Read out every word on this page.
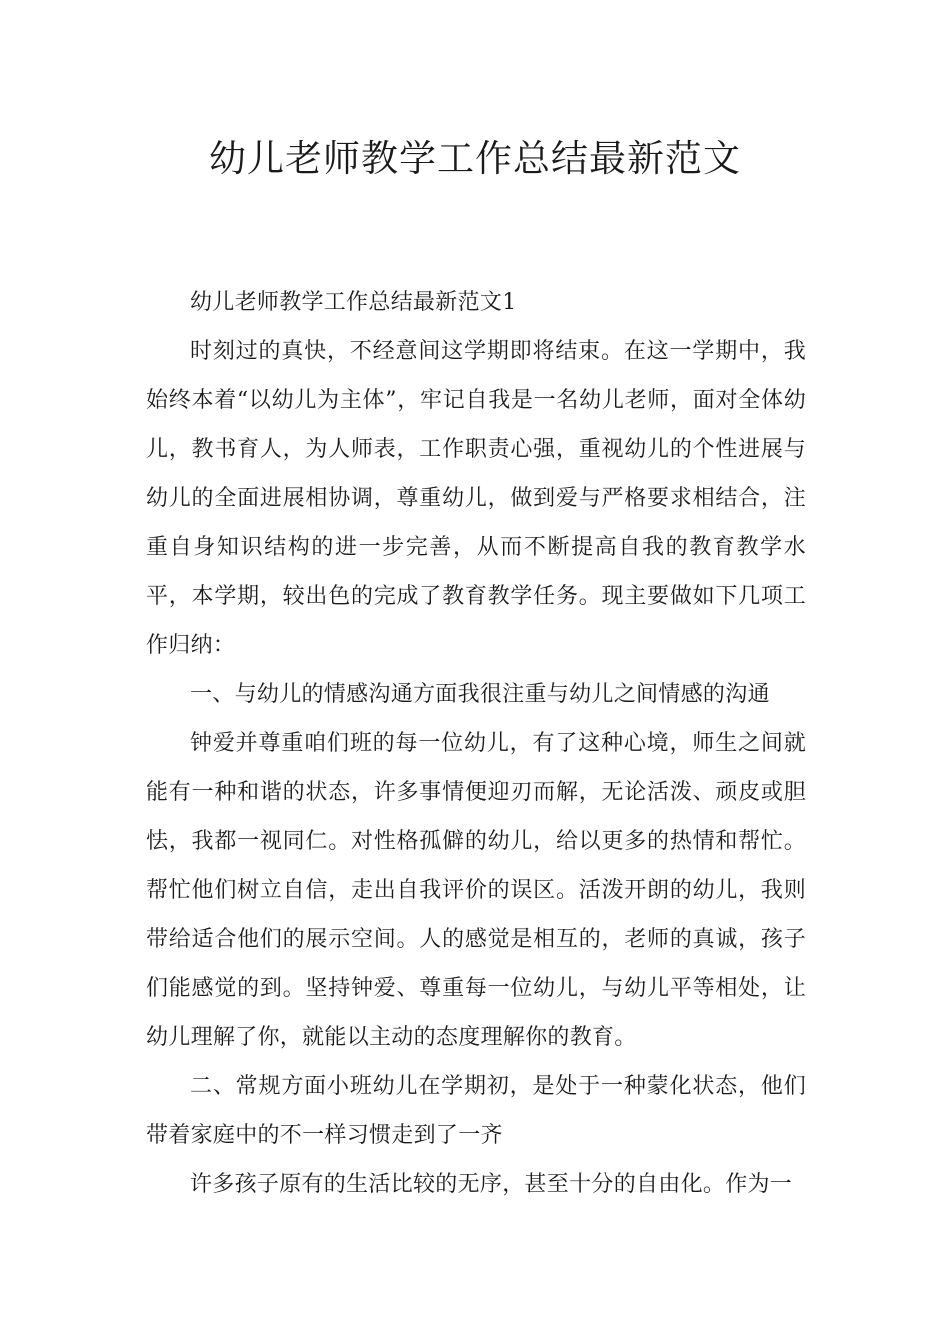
幼儿老师教学工作总结最新范文

幼儿老师教学工作总结最新范文1

时刻过的真快，不经意间这学期即将结束。在这一学期中，我始终本着“以幼儿为主体”，牢记自我是一名幼儿老师，面对全体幼儿，教书育人，为人师表，工作职责心强，重视幼儿的个性进展与幼儿的全面进展相协调，尊重幼儿，做到爱与严格要求相结合，注重自身知识结构的进一步完善，从而不断提高自我的教育教学水平，本学期，较出色的完成了教育教学任务。现主要做如下几项工作归纳：

一、与幼儿的情感沟通方面我很注重与幼儿之间情感的沟通

钟爱并尊重咱们班的每一位幼儿，有了这种心境，师生之间就能有一种和谐的状态，许多事情便迎刃而解，无论活泼、顽皮或胆怯，我都一视同仁。对性格孤僻的幼儿，给以更多的热情和帮忙。帮忙他们树立自信，走出自我评价的误区。活泼开朗的幼儿，我则带给适合他们的展示空间。人的感觉是相互的，老师的真诚，孩子们能感觉的到。坚持钟爱、尊重每一位幼儿，与幼儿平等相处，让幼儿理解了你，就能以主动的态度理解你的教育。

二、常规方面小班幼儿在学期初，是处于一种蒙化状态，他们带着家庭中的不一样习惯走到了一齐

许多孩子原有的生活比较的无序，甚至十分的自由化。作为一
